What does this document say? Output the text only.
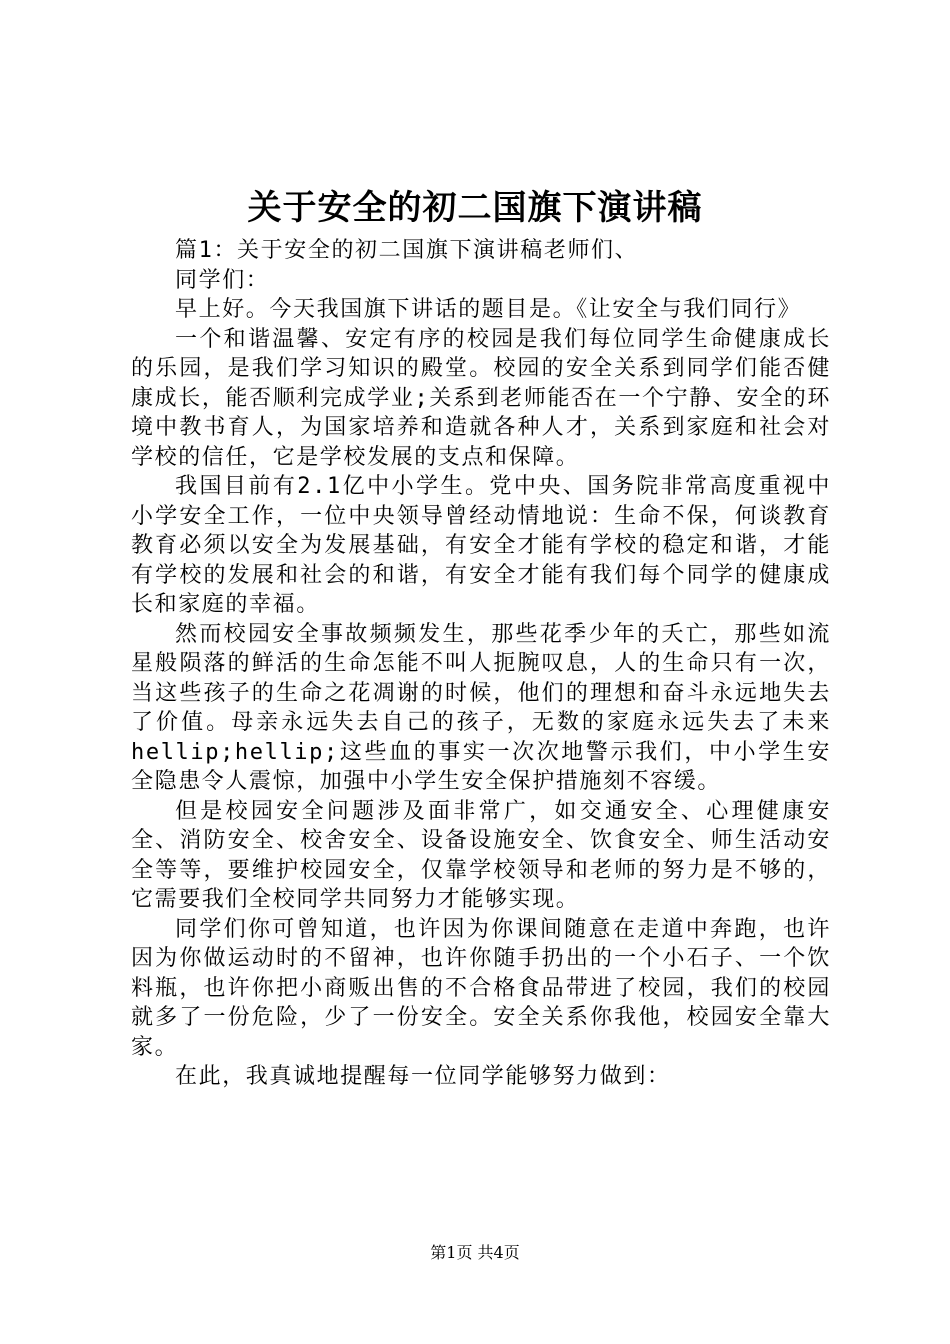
关于安全的初二国旗下演讲稿

篇1：关于安全的初二国旗下演讲稿老师们、

同学们：

早上好。今天我国旗下讲话的题目是。《让安全与我们同行》

一个和谐温馨、安定有序的校园是我们每位同学生命健康成长的乐园，是我们学习知识的殿堂。校园的安全关系到同学们能否健康成长，能否顺利完成学业;关系到老师能否在一个宁静、安全的环境中教书育人，为国家培养和造就各种人才，关系到家庭和社会对学校的信任，它是学校发展的支点和保障。

我国目前有2.1亿中小学生。党中央、国务院非常高度重视中小学安全工作，一位中央领导曾经动情地说：生命不保，何谈教育教育必须以安全为发展基础，有安全才能有学校的稳定和谐，才能有学校的发展和社会的和谐，有安全才能有我们每个同学的健康成长和家庭的幸福。

然而校园安全事故频频发生，那些花季少年的夭亡，那些如流星般陨落的鲜活的生命怎能不叫人扼腕叹息，人的生命只有一次，当这些孩子的生命之花凋谢的时候，他们的理想和奋斗永远地失去了价值。母亲永远失去自己的孩子，无数的家庭永远失去了未来hellip;hellip;这些血的事实一次次地警示我们，中小学生安全隐患令人震惊，加强中小学生安全保护措施刻不容缓。

但是校园安全问题涉及面非常广，如交通安全、心理健康安全、消防安全、校舍安全、设备设施安全、饮食安全、师生活动安全等等，要维护校园安全，仅靠学校领导和老师的努力是不够的，它需要我们全校同学共同努力才能够实现。

同学们你可曾知道，也许因为你课间随意在走道中奔跑，也许因为你做运动时的不留神，也许你随手扔出的一个小石子、一个饮料瓶，也许你把小商贩出售的不合格食品带进了校园，我们的校园就多了一份危险，少了一份安全。安全关系你我他，校园安全靠大家。

在此，我真诚地提醒每一位同学能够努力做到：

第1页 共4页
